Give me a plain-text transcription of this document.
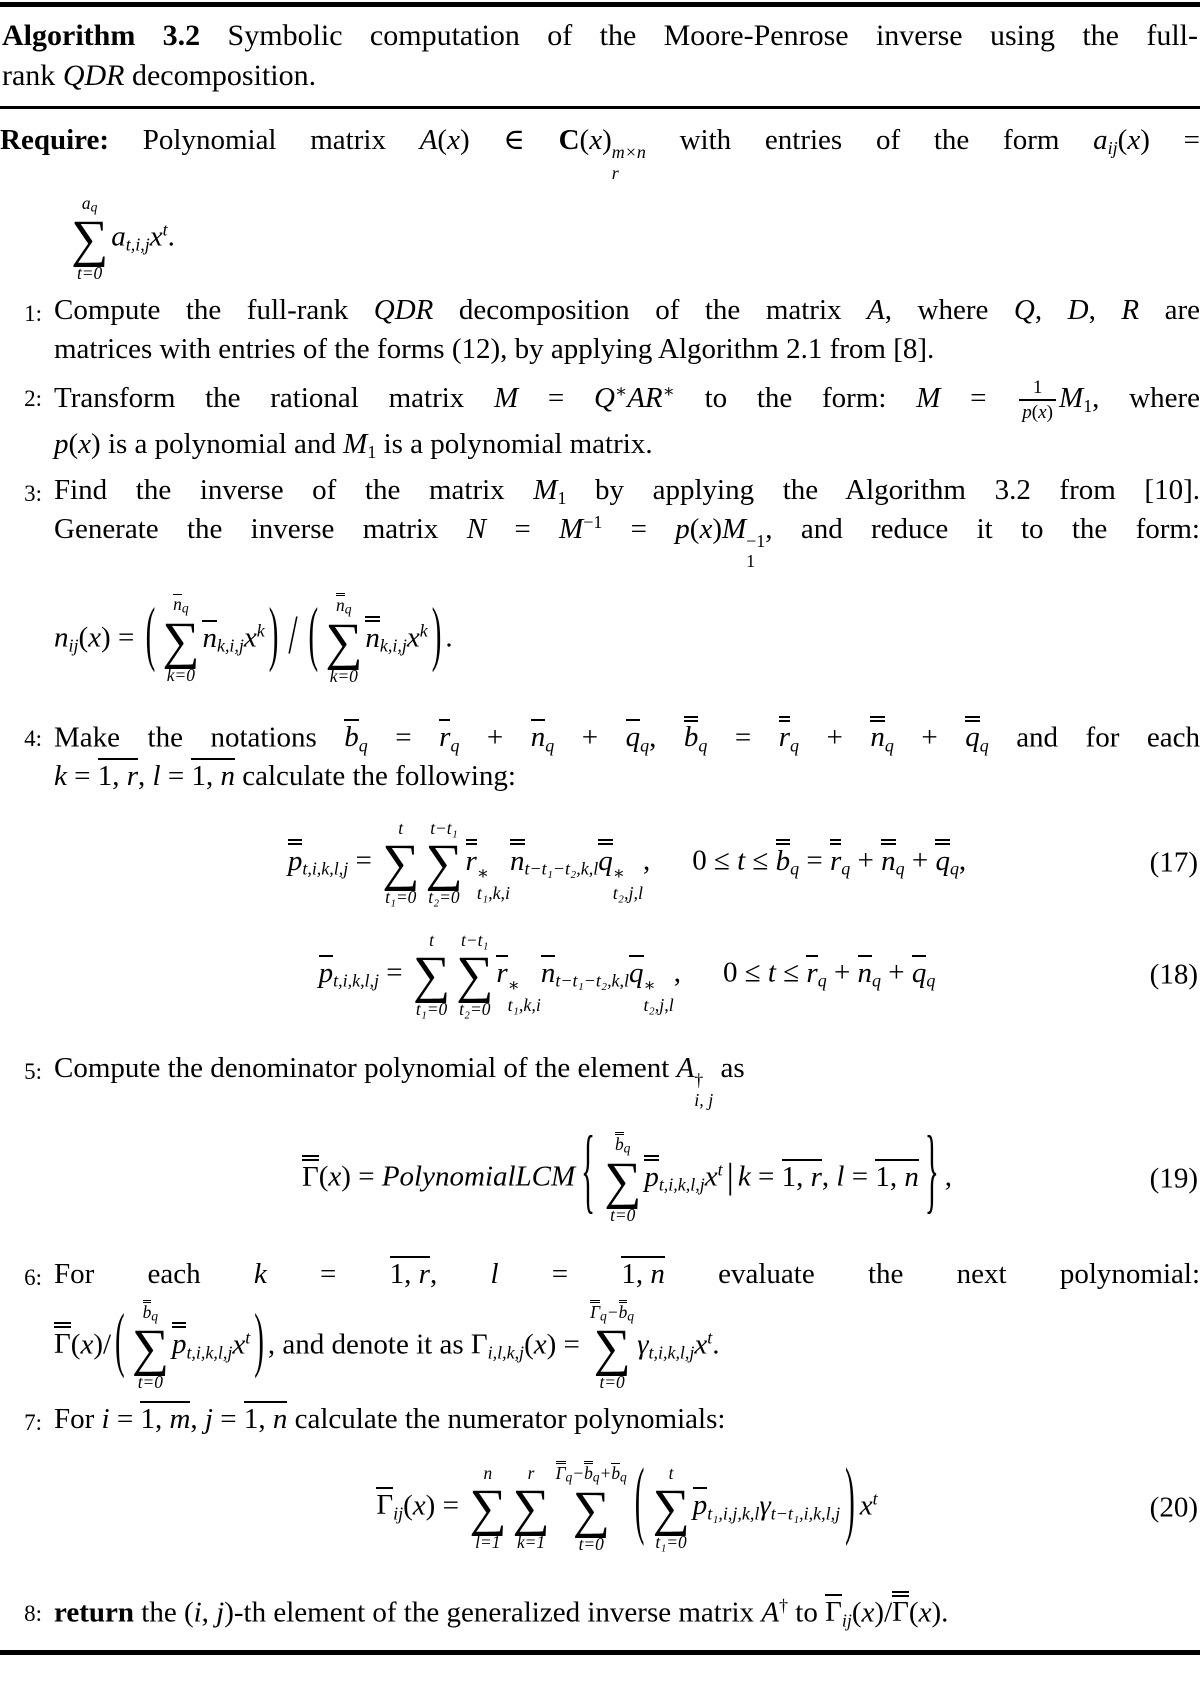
Algorithm 3.2 Symbolic computation of the Moore-Penrose inverse using the full-
rank QDR decomposition.
Require: Polynomial matrix A(x) ∈ C(x) m×n
r
with entries of the form aij(x) =
aq
∑
t=0
$at,i,jx^t$.
1: Compute the full-rank QDR decomposition of the matrix A, where Q, D, R are
matrices with entries of the forms (12), by applying Algorithm 2.1 from [8].
2: Transform the rational matrix M = Q∗AR∗ to the form: $M = \frac{1}{p(x)} M1$, where
p(x) is a polynomial and M1 is a polynomial matrix.
3: Find the inverse of the matrix M1 by applying the Algorithm 3.2 from [10].
Generate the inverse matrix $N = M^{-1} = p(x)M -1$
1
, and reduce it to the form:
nij(x) = ( nq
∑
k=0
$nk,i,jx^k$ ) / ( nq
∑
k=0
$nk,i,jx^k$ ) .
4: Make the notations bq = rq + nq + qq, bq = rq + nq + qq and for each
k = 1, r, l = 1, n calculate the following:
pt,i,k,l,j =
t
∑
t₁=0
t−t₁
∑
t₂=0
r ∗
t₁,k,i
nt−t₁−t₂,k,lq ∗
t₂,j,l
, 0 ≤ t ≤ bq = rq + nq + qq,	(17)
pt,i,k,l,j =
t
∑
t₁=0
t−t₁
∑
t₂=0
r ∗
t₁,k,i
nt−t₁−t₂,k,lq ∗
t₂,j,l
, 0 ≤ t ≤ rq + nq + qq	(18)
5: Compute the denominator polynomial of the element A †
i, j
as
Γ(x) = PolynomialLCM { bq
∑
t=0
$pt,i,k,l,jx^t$ | k = 1, r, l = 1, n } ,	(19)
6: For each k = 1, r, l = 1, n evaluate the next polynomial:
Γ(x)/ ( bq
∑
t=0
$pt,i,k,l,jx^t$ ) , and denote it as Γi,l,k,j(x) =
Γq−bq
∑
t=0
$\gamma t,i,k,l,jx^t$.
7: For i = 1, m, j = 1, n calculate the numerator polynomials:
Γij(x) =
n
∑
l=1
r
∑
k=1
Γq−bq+bq
∑
t=0 ( t
∑
t₁=0
pt₁,i,j,k,lγt−t₁,i,k,l,j ) $x^t$	(20)
8: return the (i, j)-th element of the generalized inverse matrix A† to Γij(x)/Γ(x).
